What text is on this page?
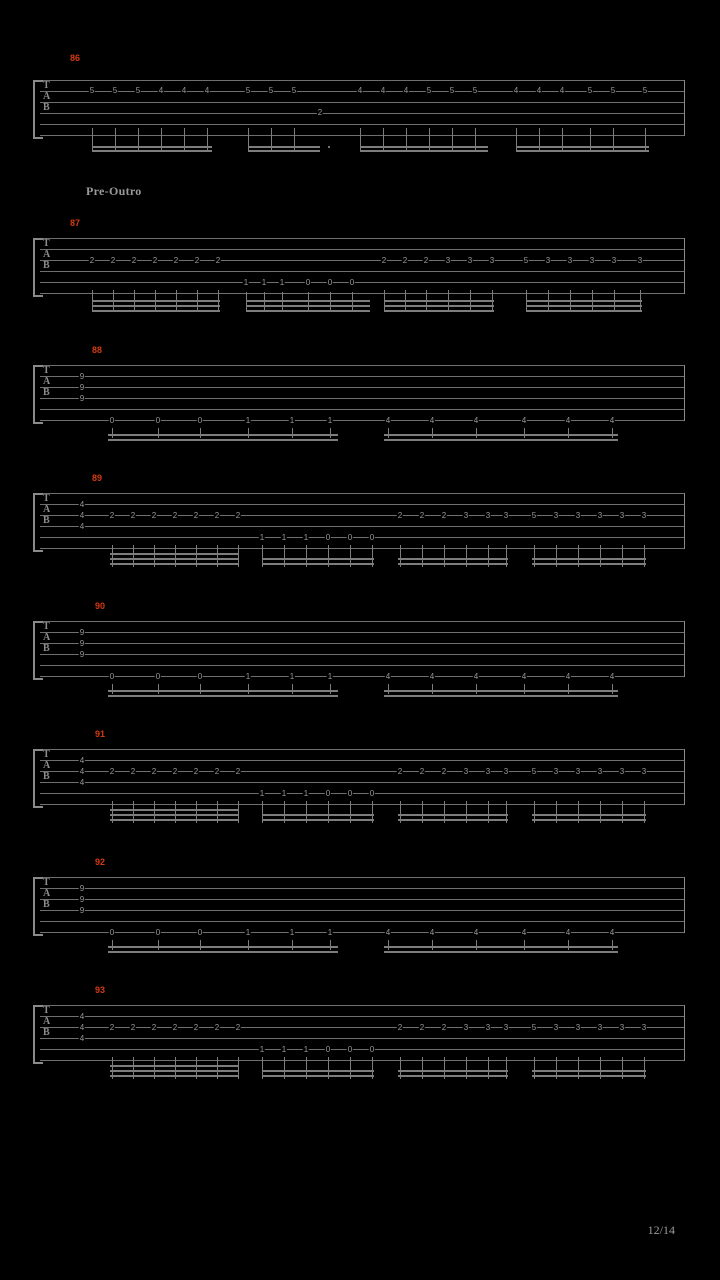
Pre-Outro
86
T
A
B
5 5 5 4 4 4	5 5 5
2
4 4 4 5 5 5	4 4 4	5 5	5
87
T
A
B	2 2 2 2 2 2 2
1 1 1	0 0 0
2 2 2 3 3 3	5 3 3 3 3	3
88
T
A
B
9
9
9
0	0	0	1	1	1	4	4	4	4	4	4
89
T
A
B
4
4
4
2 2 2 2 2 2 2
1 1 1 0 0 0
2 2 2 3 3 3	5 3 3 3 3 3
90
T
A
B
9
9
9
0	0	0	1	1	1	4	4	4	4	4	4
91
T
A
B
4
4
4
2 2 2 2 2 2 2
1 1 1 0 0 0
2 2 2 3 3 3	5 3 3 3 3 3
92
T
A
B
9
9
9
0	0	0	1	1	1	4	4	4	4	4	4
93
T
A
B
4
4
4
2 2 2 2 2 2 2
1 1 1 0 0 0
2 2 2 3 3 3	5 3 3 3 3 3
12/14
